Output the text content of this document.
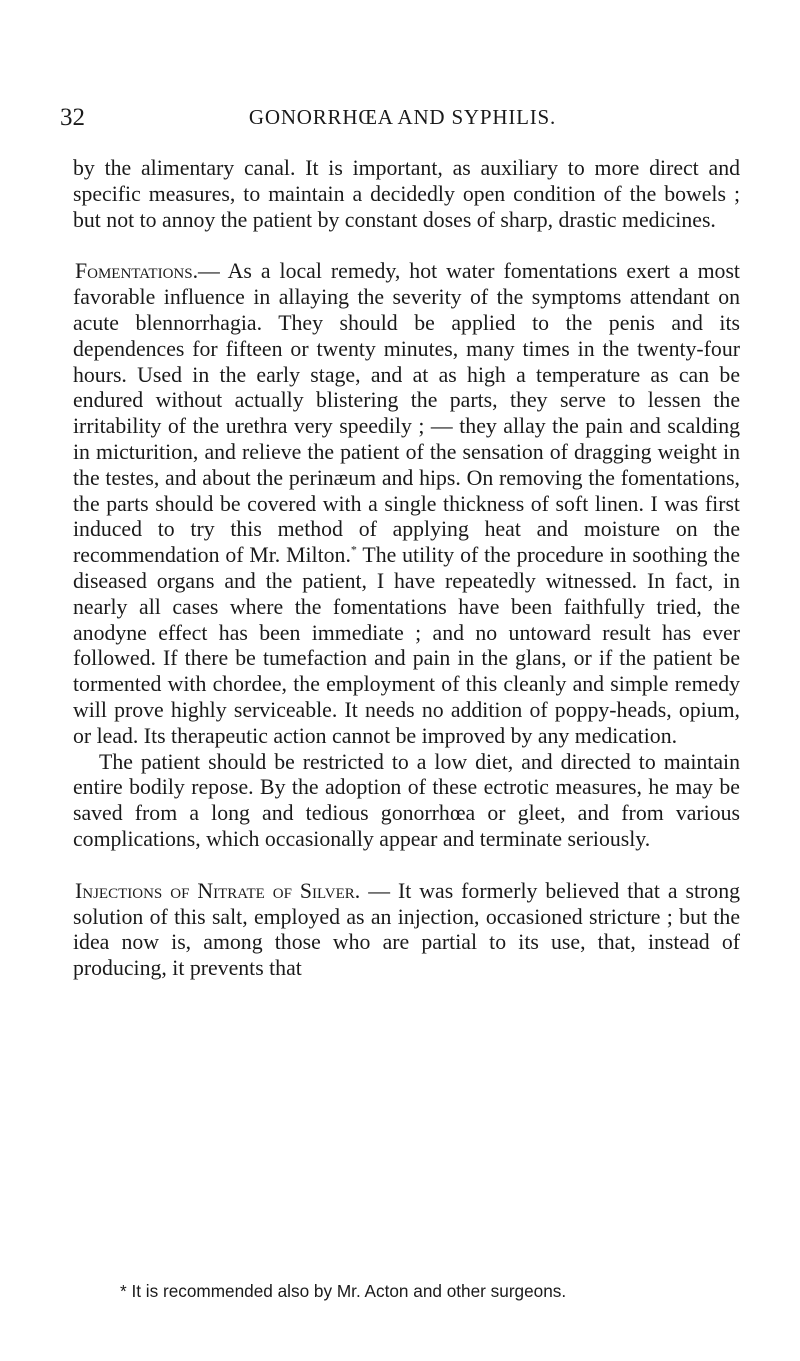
32	GONORRHŒA AND SYPHILIS.

by the alimentary canal. It is important, as auxiliary to more direct and specific measures, to maintain a decidedly open condition of the bowels ; but not to annoy the patient by constant doses of sharp, drastic medicines.

Fomentations.— As a local remedy, hot water fomentations exert a most favorable influence in allaying the severity of the symptoms attendant on acute blennorrhagia. They should be applied to the penis and its dependences for fifteen or twenty minutes, many times in the twenty-four hours. Used in the early stage, and at as high a temperature as can be endured without actually blistering the parts, they serve to lessen the irritability of the urethra very speedily ; — they allay the pain and scalding in micturition, and relieve the patient of the sensation of dragging weight in the testes, and about the perinæum and hips. On removing the fomentations, the parts should be covered with a single thickness of soft linen. I was first induced to try this method of applying heat and moisture on the recommendation of Mr. Milton.* The utility of the procedure in soothing the diseased organs and the patient, I have repeatedly witnessed. In fact, in nearly all cases where the fomentations have been faithfully tried, the anodyne effect has been immediate ; and no untoward result has ever followed. If there be tumefaction and pain in the glans, or if the patient be tormented with chordee, the employment of this cleanly and simple remedy will prove highly serviceable. It needs no addition of poppy-heads, opium, or lead. Its therapeutic action cannot be improved by any medication.

The patient should be restricted to a low diet, and directed to maintain entire bodily repose. By the adoption of these ectrotic measures, he may be saved from a long and tedious gonorrhœa or gleet, and from various complications, which occasionally appear and terminate seriously.

Injections of Nitrate of Silver. — It was formerly believed that a strong solution of this salt, employed as an injection, occasioned stricture ; but the idea now is, among those who are partial to its use, that, instead of producing, it prevents that

* It is recommended also by Mr. Acton and other surgeons.
